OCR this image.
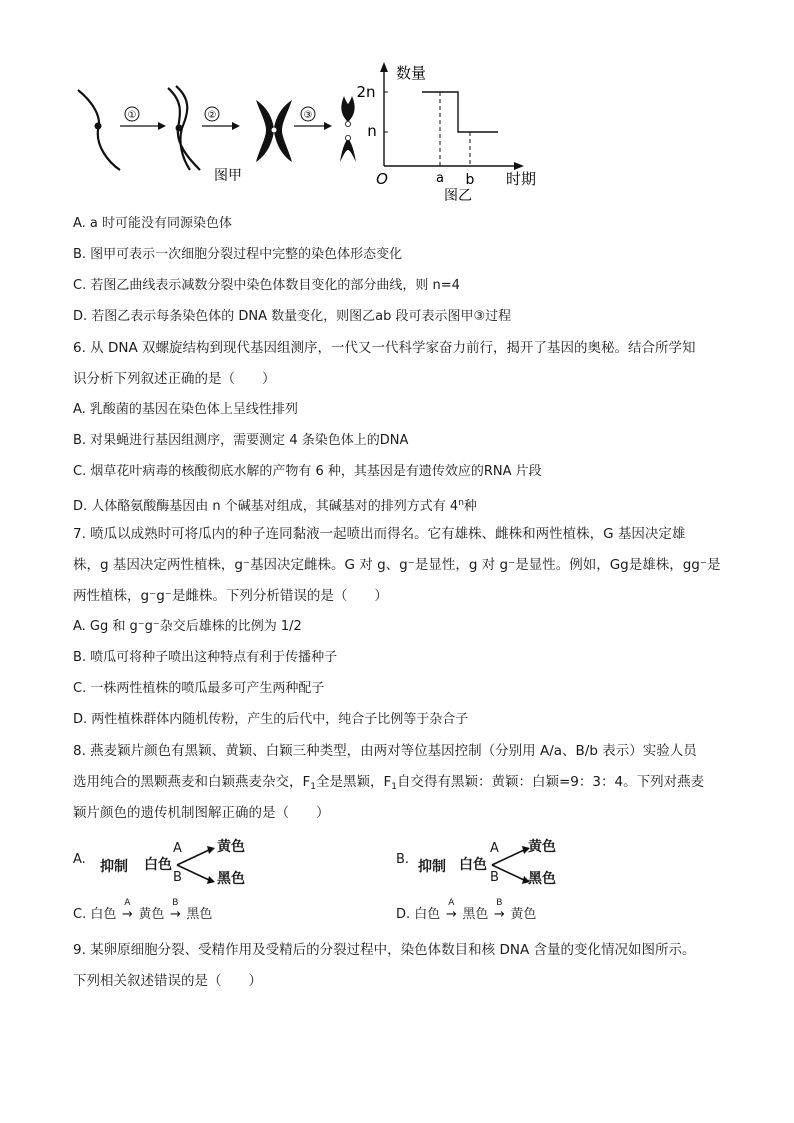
①	②	③
图甲
数量
2n
n
O	a b 时期
图乙
A. a 时可能没有同源染色体
B. 图甲可表示一次细胞分裂过程中完整的染色体形态变化
C. 若图乙曲线表示减数分裂中染色体数目变化的部分曲线，则 n=4
D. 若图乙表示每条染色体的 DNA 数量变化，则图乙ab 段可表示图甲③过程
6. 从 DNA 双螺旋结构到现代基因组测序，一代又一代科学家奋力前行，揭开了基因的奥秘。结合所学知
识分析下列叙述正确的是（　　）
A. 乳酸菌的基因在染色体上呈线性排列
B. 对果蝇进行基因组测序，需要测定 4 条染色体上的DNA
C. 烟草花叶病毒的核酸彻底水解的产物有 6 种，其基因是有遗传效应的RNA 片段
D. 人体酪氨酸酶基因由 n 个碱基对组成，其碱基对的排列方式有 4$^n$种
7. 喷瓜以成熟时可将瓜内的种子连同黏液一起喷出而得名。它有雄株、雌株和两性植株，G 基因决定雄
株，g 基因决定两性植株，g⁻基因决定雌株。G 对 g、g⁻是显性，g 对 g⁻是显性。例如，Gg是雄株，gg⁻是
两性植株，g⁻g⁻是雌株。下列分析错误的是（　　）
A. Gg 和 g⁻g⁻杂交后雄株的比例为 1/2
B. 喷瓜可将种子喷出这种特点有利于传播种子
C. 一株两性植株的喷瓜最多可产生两种配子
D. 两性植株群体内随机传粉，产生的后代中，纯合子比例等于杂合子
8. 燕麦颖片颜色有黑颖、黄颖、白颖三种类型，由两对等位基因控制（分别用 A/a、B/b 表示）实验人员
选用纯合的黑颗燕麦和白颖燕麦杂交，$F_1$全是黑颖，$F_1$自交得有黑颖：黄颖：白颖=9：3：4。下列对燕麦
颖片颜色的遗传机制图解正确的是（　　）
A. 抑制 白色
A
B
黄色
黑色
B. 抑制 白色
A
B
黄色
黑色
C. 白色
A
→ 黄色
B
→ 黑色	D. 白色
A
→ 黑色
B
→ 黄色
9. 某卵原细胞分裂、受精作用及受精后的分裂过程中，染色体数目和核 DNA 含量的变化情况如图所示。
下列相关叙述错误的是（　　）
